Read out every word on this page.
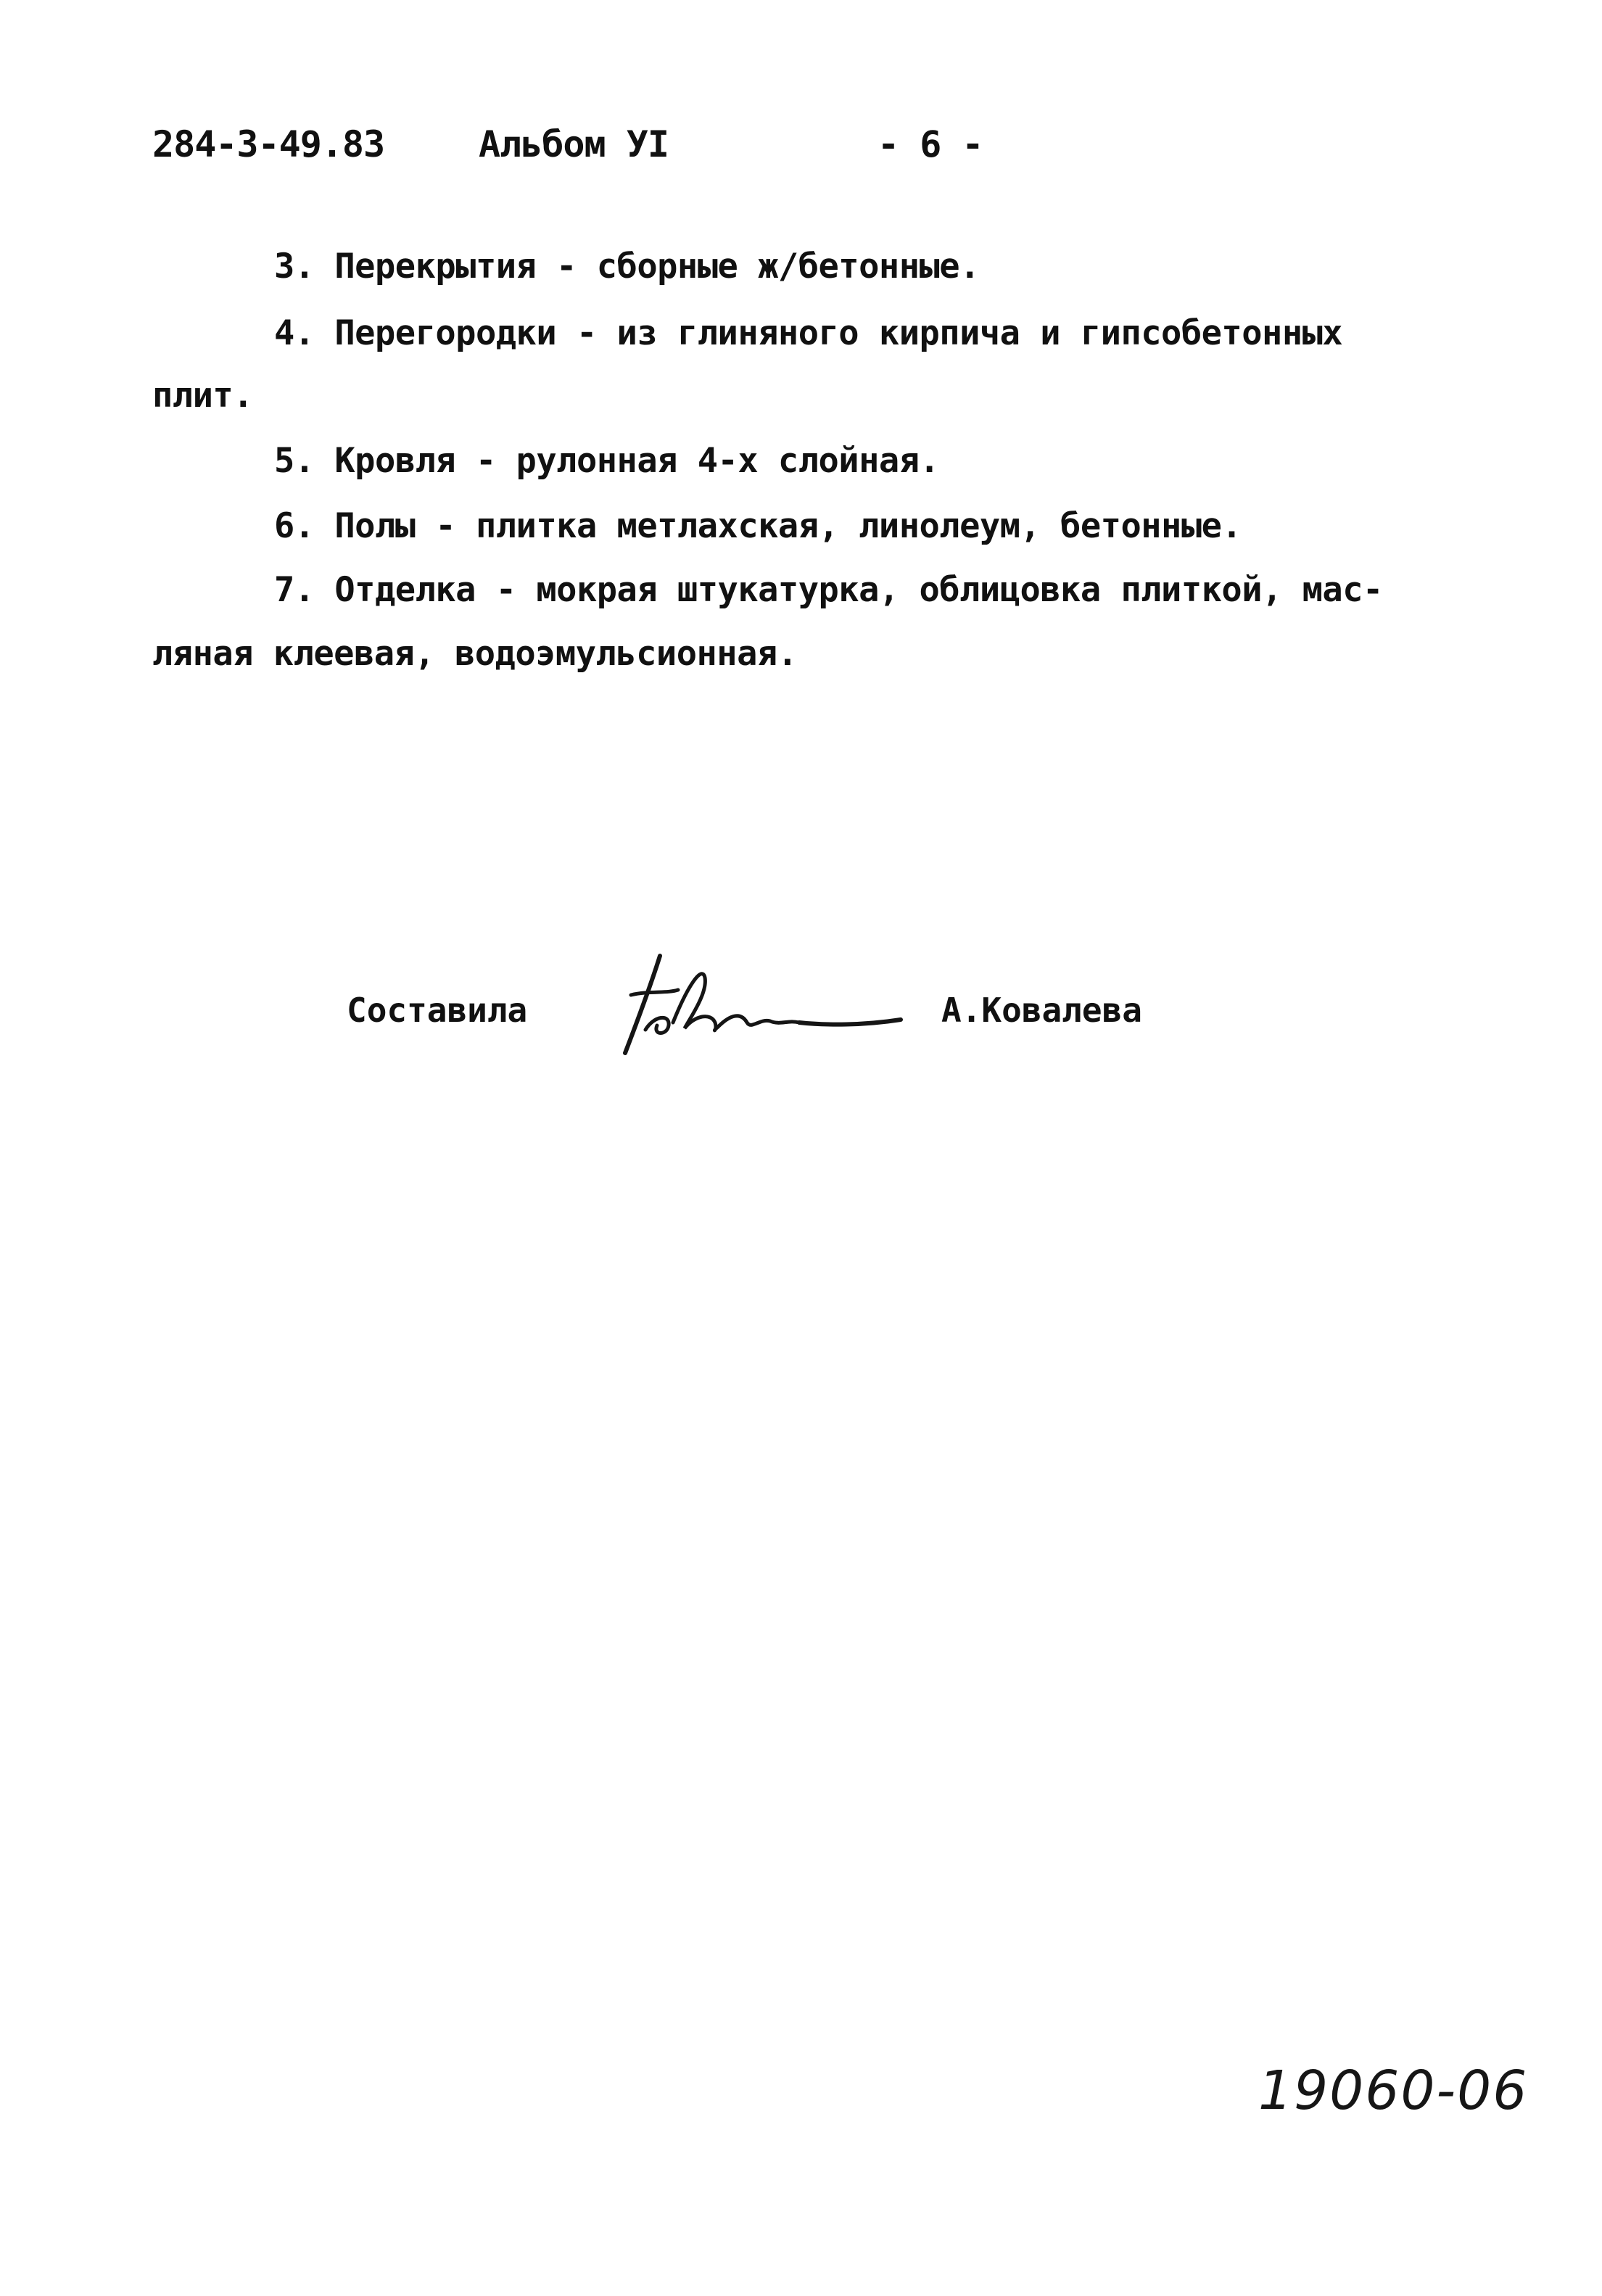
284-3-49.83	Альбом УI	- 6 -
3. Перекрытия - сборные ж/бетонные.
4. Перегородки - из глиняного кирпича и гипсобетонных
плит.
5. Кровля - рулонная 4-х слойная.
6. Полы - плитка метлахская, линолеум, бетонные.
7. Отделка - мокрая штукатурка, облицовка плиткой, мас-
ляная клеевая, водоэмульсионная.
Составила	А.Ковалева
19060-06
